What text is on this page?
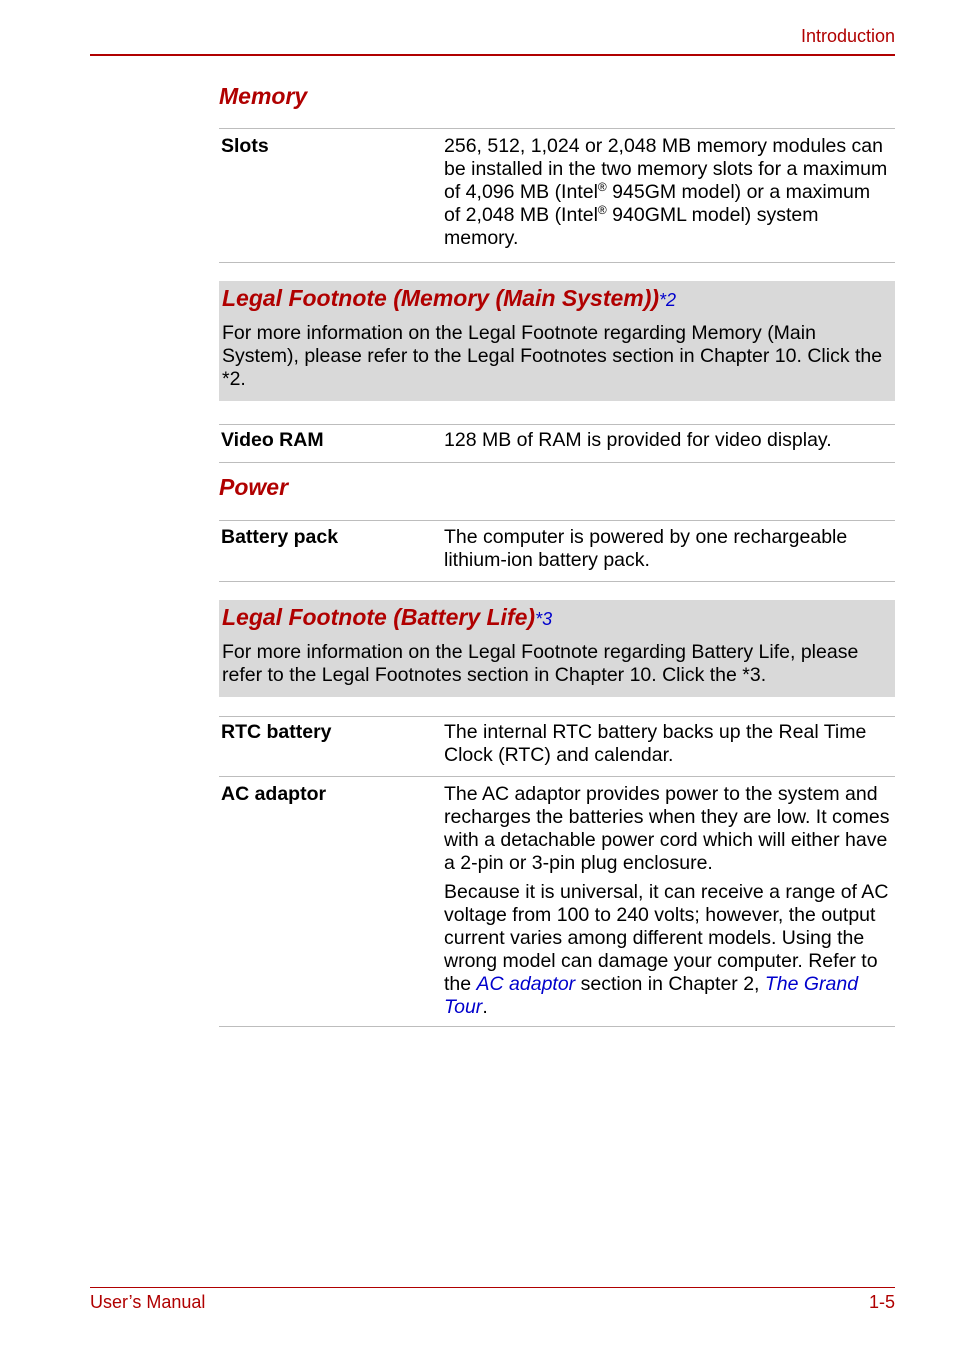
Introduction
Memory
Slots	256, 512, 1,024 or 2,048 MB memory modules can be installed in the two memory slots for a maximum of 4,096 MB (Intel® 945GM model) or a maximum of 2,048 MB (Intel® 940GML model) system memory.
Legal Footnote (Memory (Main System))*2
For more information on the Legal Footnote regarding Memory (Main System), please refer to the Legal Footnotes section in Chapter 10. Click the *2.
Video RAM	128 MB of RAM is provided for video display.
Power
Battery pack	The computer is powered by one rechargeable lithium-ion battery pack.
Legal Footnote (Battery Life)*3
For more information on the Legal Footnote regarding Battery Life, please refer to the Legal Footnotes section in Chapter 10. Click the *3.
RTC battery	The internal RTC battery backs up the Real Time Clock (RTC) and calendar.
AC adaptor	The AC adaptor provides power to the system and recharges the batteries when they are low. It comes with a detachable power cord which will either have a 2-pin or 3-pin plug enclosure.

Because it is universal, it can receive a range of AC voltage from 100 to 240 volts; however, the output current varies among different models. Using the wrong model can damage your computer. Refer to the AC adaptor section in Chapter 2, The Grand Tour.

User’s Manual	1-5
